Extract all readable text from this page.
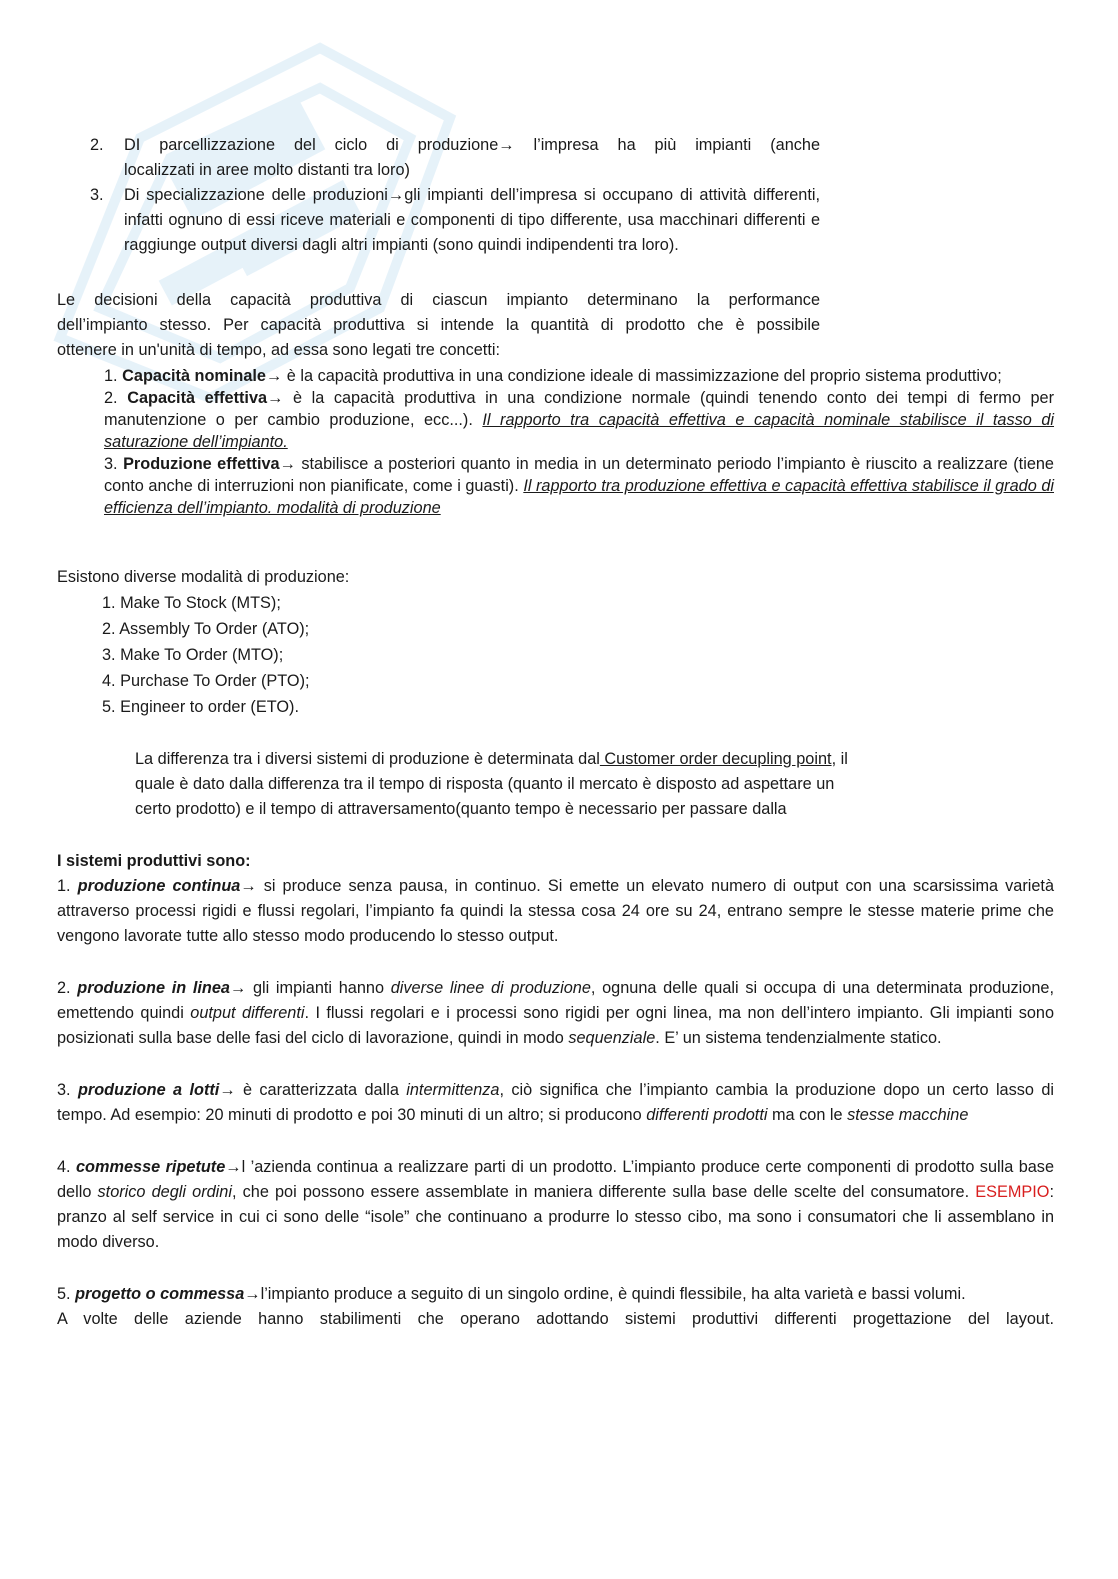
2. DI parcellizzazione del ciclo di produzione→ l’impresa ha più impianti (anche

localizzati in aree molto distanti tra loro)

3. Di specializzazione delle produzioni→gli impianti dell’impresa si occupano di attività differenti, infatti ognuno di essi riceve materiali e componenti di tipo differente, usa macchinari differenti e raggiunge output diversi dagli altri impianti (sono quindi indipendenti tra loro).

Le decisioni della capacità produttiva di ciascun impianto determinano la performance

dell’impianto stesso. Per capacità produttiva si intende la quantità di prodotto che è possibile

ottenere in un'unità di tempo, ad essa sono legati tre concetti:

1. Capacità nominale→ è la capacità produttiva in una condizione ideale di massimizzazione del proprio sistema produttivo;

2. Capacità effettiva→ è la capacità produttiva in una condizione normale (quindi tenendo conto dei tempi di fermo per manutenzione o per cambio produzione, ecc...). Il rapporto tra capacità effettiva e capacità nominale stabilisce il tasso di saturazione dell’impianto.

3. Produzione effettiva→ stabilisce a posteriori quanto in media in un determinato periodo l’impianto è riuscito a realizzare (tiene conto anche di interruzioni non pianificate, come i guasti). Il rapporto tra produzione effettiva e capacità effettiva stabilisce il grado di efficienza dell’impianto. modalità di produzione

Esistono diverse modalità di produzione:

1. Make To Stock (MTS);

2. Assembly To Order (ATO);

3. Make To Order (MTO);

4. Purchase To Order (PTO);

5. Engineer to order (ETO).

La differenza tra i diversi sistemi di produzione è determinata dal Customer order decupling point, il

quale è dato dalla differenza tra il tempo di risposta (quanto il mercato è disposto ad aspettare un

certo prodotto) e il tempo di attraversamento(quanto tempo è necessario per passare dalla

I sistemi produttivi sono:

1. produzione continua→ si produce senza pausa, in continuo. Si emette un elevato numero di output con una scarsissima varietà attraverso processi rigidi e flussi regolari, l’impianto fa quindi la stessa cosa 24 ore su 24, entrano sempre le stesse materie prime che vengono lavorate tutte allo stesso modo producendo lo stesso output.

2. produzione in linea→ gli impianti hanno diverse linee di produzione, ognuna delle quali si occupa di una determinata produzione, emettendo quindi output differenti. I flussi regolari e i processi sono rigidi per ogni linea, ma non dell’intero impianto. Gli impianti sono posizionati sulla base delle fasi del ciclo di lavorazione, quindi in modo sequenziale. E’ un sistema tendenzialmente statico.

3. produzione a lotti→ è caratterizzata dalla intermittenza, ciò significa che l’impianto cambia la produzione dopo un certo lasso di tempo. Ad esempio: 20 minuti di prodotto e poi 30 minuti di un altro; si producono differenti prodotti ma con le stesse macchine

4. commesse ripetute→l ’azienda continua a realizzare parti di un prodotto. L’impianto produce certe componenti di prodotto sulla base dello storico degli ordini, che poi possono essere assemblate in maniera differente sulla base delle scelte del consumatore. ESEMPIO: pranzo al self service in cui ci sono delle “isole” che continuano a produrre lo stesso cibo, ma sono i consumatori che li assemblano in modo diverso.

5. progetto o commessa→l’impianto produce a seguito di un singolo ordine, è quindi flessibile, ha alta varietà e bassi volumi.

A volte delle aziende hanno stabilimenti che operano adottando sistemi produttivi differenti progettazione del layout.
